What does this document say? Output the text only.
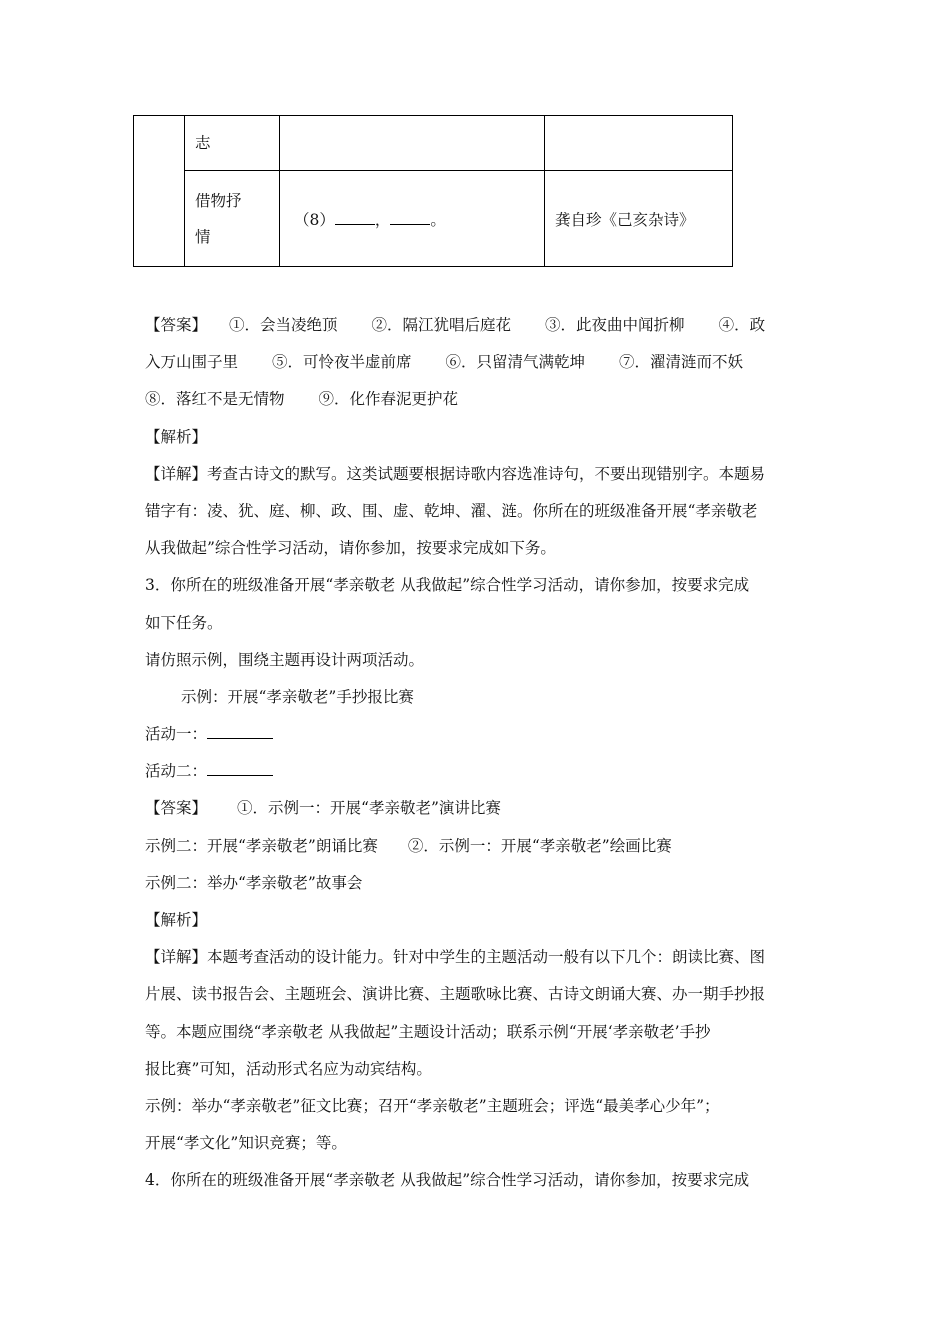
	志		

	借物抒
情	（8） ， 。	龚自珍《己亥杂诗》
【答案】 ①．会当凌绝顶 ②．隔江犹唱后庭花 ③．此夜曲中闻折柳 ④．政
入万山围子里 ⑤．可怜夜半虚前席 ⑥．只留清气满乾坤 ⑦．濯清涟而不妖
⑧．落红不是无情物 ⑨．化作春泥更护花
【解析】
【详解】考查古诗文的默写。这类试题要根据诗歌内容选准诗句，不要出现错别字。本题易
错字有：凌、犹、庭、柳、政、围、虚、乾坤、濯、涟。你所在的班级准备开展“孝亲敬老
从我做起”综合性学习活动，请你参加，按要求完成如下务。
3．你所在的班级准备开展“孝亲敬老 从我做起”综合性学习活动，请你参加，按要求完成
如下任务。
请仿照示例，围绕主题再设计两项活动。
示例：开展“孝亲敬老”手抄报比赛
活动一：
活动二：
【答案】 ①．示例一：开展“孝亲敬老”演讲比赛
示例二：开展“孝亲敬老”朗诵比赛 ②．示例一：开展“孝亲敬老”绘画比赛
示例二：举办“孝亲敬老”故事会
【解析】
【详解】本题考查活动的设计能力。针对中学生的主题活动一般有以下几个：朗读比赛、图
片展、读书报告会、主题班会、演讲比赛、主题歌咏比赛、古诗文朗诵大赛、办一期手抄报
等。本题应围绕“孝亲敬老 从我做起”主题设计活动；联系示例“开展‘孝亲敬老’手抄
报比赛”可知，活动形式名应为动宾结构。
示例：举办“孝亲敬老”征文比赛；召开“孝亲敬老”主题班会；评选“最美孝心少年”；
开展“孝文化”知识竞赛；等。
4．你所在的班级准备开展“孝亲敬老 从我做起”综合性学习活动，请你参加，按要求完成
